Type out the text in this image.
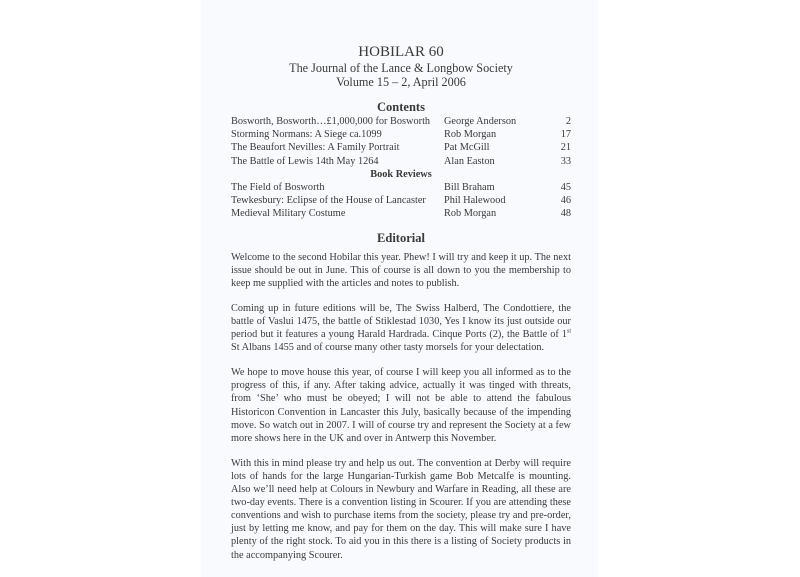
HOBILAR 60
The Journal of the Lance & Longbow Society
Volume 15 – 2, April 2006
Contents
Bosworth, Bosworth…£1,000,000 for Bosworth	George Anderson	2
Storming Normans: A Siege ca.1099	Rob Morgan	17
The Beaufort Nevilles: A Family Portrait	Pat McGill	21
The Battle of Lewis 14th May 1264	Alan Easton	33
Book Reviews		
The Field of Bosworth	Bill Braham	45
Tewkesbury: Eclipse of the House of Lancaster	Phil Halewood	46
Medieval Military Costume	Rob Morgan	48
Editorial

Welcome to the second Hobilar this year. Phew! I will try and keep it up. The next issue should be out in June. This of course is all down to you the membership to keep me supplied with the articles and notes to publish.

Coming up in future editions will be, The Swiss Halberd, The Condottiere, the battle of Vaslui 1475, the battle of Stiklestad 1030, Yes I know its just outside our period but it features a young Harald Hardrada. Cinque Ports (2), the Battle of 1st St Albans 1455 and of course many other tasty morsels for your delectation.

We hope to move house this year, of course I will keep you all informed as to the progress of this, if any. After taking advice, actually it was tinged with threats, from ‘She’ who must be obeyed; I will not be able to attend the fabulous Historicon Convention in Lancaster this July, basically because of the impending move. So watch out in 2007. I will of course try and represent the Society at a few more shows here in the UK and over in Antwerp this November.

With this in mind please try and help us out. The convention at Derby will require lots of hands for the large Hungarian-Turkish game Bob Metcalfe is mounting. Also we’ll need help at Colours in Newbury and Warfare in Reading, all these are two-day events. There is a convention listing in Scourer. If you are attending these conventions and wish to purchase items from the society, please try and pre-order, just by letting me know, and pay for them on the day. This will make sure I have plenty of the right stock. To aid you in this there is a listing of Society products in the accompanying Scourer.
